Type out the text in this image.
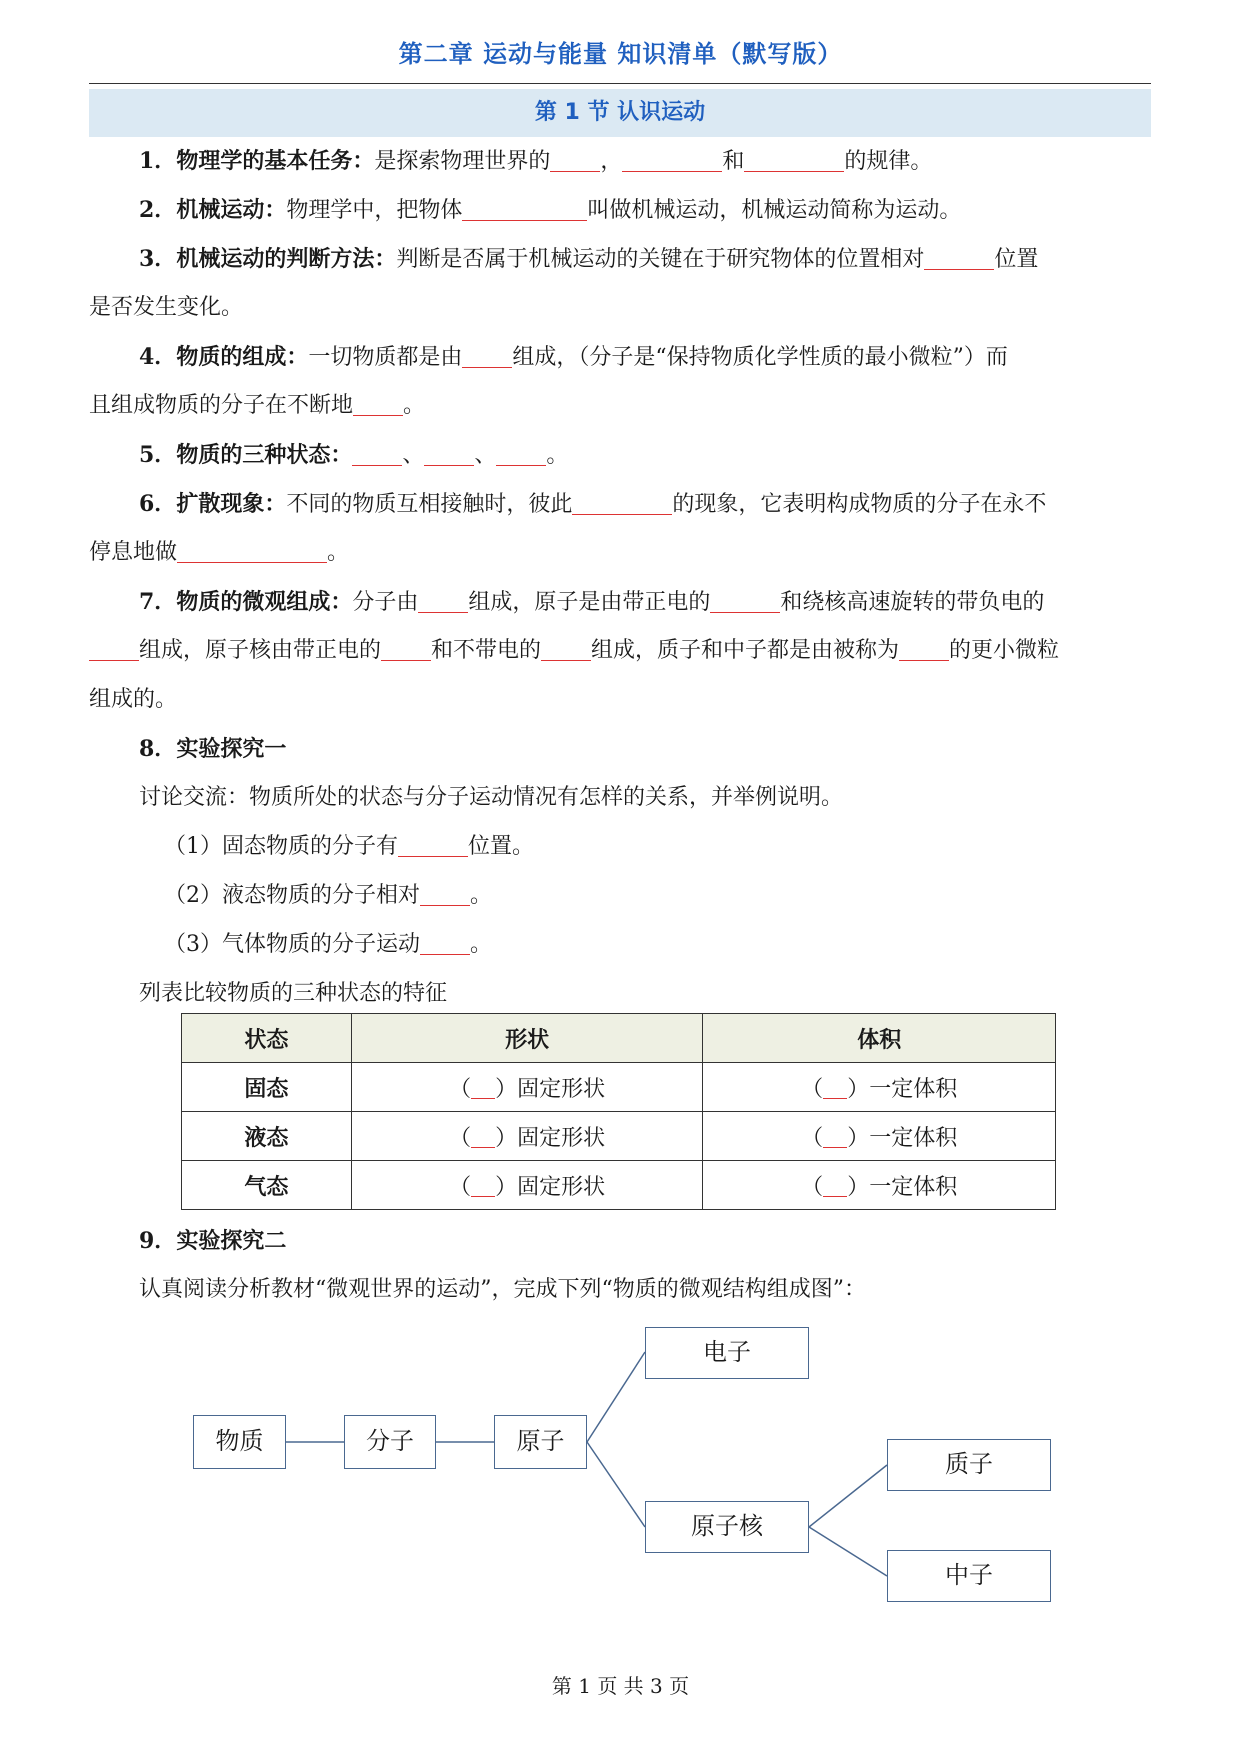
第二章 运动与能量 知识清单（默写版）
第 1 节 认识运动
1．物理学的基本任务：是探索物理世界的 ，	和	的规律。
2．机械运动：物理学中，把物体	叫做机械运动，机械运动简称为运动。
3．机械运动的判断方法：判断是否属于机械运动的关键在于研究物体的位置相对	位置
是否发生变化。
4．物质的组成：一切物质都是由 组成，（分子是“保持物质化学性质的最小微粒”）而
且组成物质的分子在不断地 。
5．物质的三种状态： 、 、 。
6．扩散现象：不同的物质互相接触时，彼此	的现象，它表明构成物质的分子在永不
停息地做	。
7．物质的微观组成：分子由 组成，原子是由带正电的	和绕核高速旋转的带负电的
组成，原子核由带正电的 和不带电的 组成，质子和中子都是由被称为 的更小微粒
组成的。
8．实验探究一
讨论交流：物质所处的状态与分子运动情况有怎样的关系，并举例说明。
（1）固态物质的分子有	位置。
（2）液态物质的分子相对 。
（3）气体物质的分子运动 。
列表比较物质的三种状态的特征
状态	形状	体积
固态	（ ）固定形状	（ ）一定体积
液态	（ ）固定形状	（ ）一定体积
气态	（ ）固定形状	（ ）一定体积
9．实验探究二
认真阅读分析教材“微观世界的运动”，完成下列“物质的微观结构组成图”：
物质	分子	原子
电子
原子核
质子
中子
第 1 页 共 3 页
